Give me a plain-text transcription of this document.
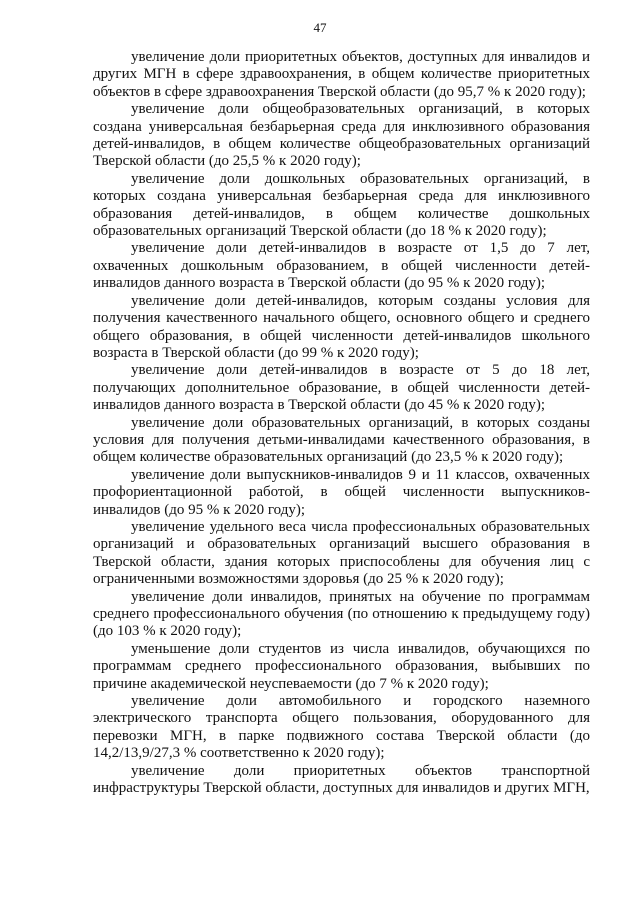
47

увеличение доли приоритетных объектов, доступных для инвалидов и других МГН в сфере здравоохранения, в общем количестве приоритетных объектов в сфере здравоохранения Тверской области (до 95,7 % к 2020 году);

увеличение доли общеобразовательных организаций, в которых создана универсальная безбарьерная среда для инклюзивного образования детей-инвалидов, в общем количестве общеобразовательных организаций Тверской области (до 25,5 % к 2020 году);

увеличение доли дошкольных образовательных организаций, в которых создана универсальная безбарьерная среда для инклюзивного образования детей-инвалидов, в общем количестве дошкольных образовательных организаций Тверской области (до 18 % к 2020 году);

увеличение доли детей-инвалидов в возрасте от 1,5 до 7 лет, охваченных дошкольным образованием, в общей численности детей-инвалидов данного возраста в Тверской области (до 95 % к 2020 году);

увеличение доли детей-инвалидов, которым созданы условия для получения качественного начального общего, основного общего и среднего общего образования, в общей численности детей-инвалидов школьного возраста в Тверской области (до 99 % к 2020 году);

увеличение доли детей-инвалидов в возрасте от 5 до 18 лет, получающих дополнительное образование, в общей численности детей-инвалидов данного возраста в Тверской области (до 45 % к 2020 году);

увеличение доли образовательных организаций, в которых созданы условия для получения детьми-инвалидами качественного образования, в общем количестве образовательных организаций (до 23,5 % к 2020 году);

увеличение доли выпускников-инвалидов 9 и 11 классов, охваченных профориентационной работой, в общей численности выпускников-инвалидов (до 95 % к 2020 году);

увеличение удельного веса числа профессиональных образовательных организаций и образовательных организаций высшего образования в Тверской области, здания которых приспособлены для обучения лиц с ограниченными возможностями здоровья (до 25 % к 2020 году);

увеличение доли инвалидов, принятых на обучение по программам среднего профессионального обучения (по отношению к предыдущему году) (до 103 % к 2020 году);

уменьшение доли студентов из числа инвалидов, обучающихся по программам среднего профессионального образования, выбывших по причине академической неуспеваемости (до 7 % к 2020 году);

увеличение доли автомобильного и городского наземного электрического транспорта общего пользования, оборудованного для перевозки МГН, в парке подвижного состава Тверской области (до 14,2/13,9/27,3 % соответственно к 2020 году);

увеличение доли приоритетных объектов транспортной инфраструктуры Тверской области, доступных для инвалидов и других МГН,
